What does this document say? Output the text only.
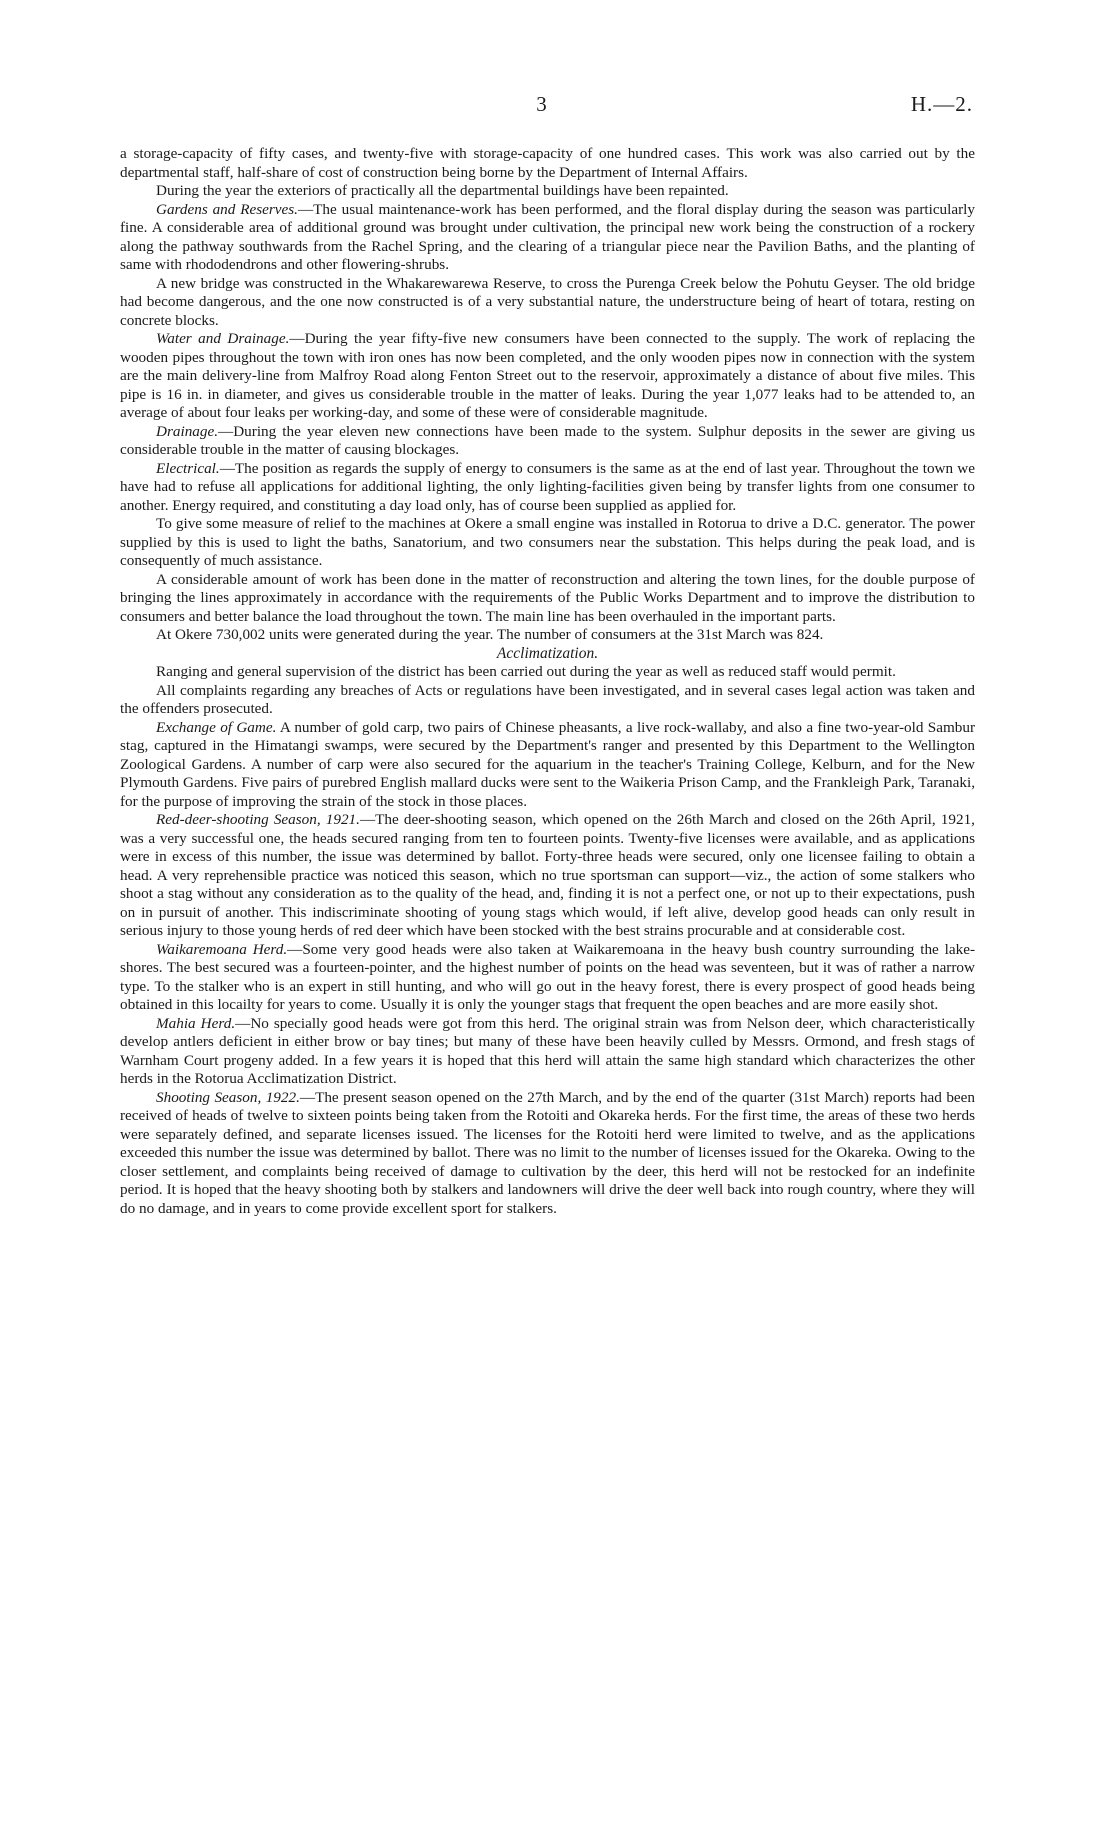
3	H.—2.

a storage-capacity of fifty cases, and twenty-five with storage-capacity of one hundred cases. This work was also carried out by the departmental staff, half-share of cost of construction being borne by the Department of Internal Affairs.

During the year the exteriors of practically all the departmental buildings have been repainted.

Gardens and Reserves.—The usual maintenance-work has been performed, and the floral display during the season was particularly fine. A considerable area of additional ground was brought under cultivation, the principal new work being the construction of a rockery along the pathway southwards from the Rachel Spring, and the clearing of a triangular piece near the Pavilion Baths, and the planting of same with rhododendrons and other flowering-shrubs.

A new bridge was constructed in the Whakarewarewa Reserve, to cross the Purenga Creek below the Pohutu Geyser. The old bridge had become dangerous, and the one now constructed is of a very substantial nature, the understructure being of heart of totara, resting on concrete blocks.

Water and Drainage.—During the year fifty-five new consumers have been connected to the supply. The work of replacing the wooden pipes throughout the town with iron ones has now been completed, and the only wooden pipes now in connection with the system are the main delivery-line from Malfroy Road along Fenton Street out to the reservoir, approximately a distance of about five miles. This pipe is 16 in. in diameter, and gives us considerable trouble in the matter of leaks. During the year 1,077 leaks had to be attended to, an average of about four leaks per working-day, and some of these were of considerable magnitude.

Drainage.—During the year eleven new connections have been made to the system. Sulphur deposits in the sewer are giving us considerable trouble in the matter of causing blockages.

Electrical.—The position as regards the supply of energy to consumers is the same as at the end of last year. Throughout the town we have had to refuse all applications for additional lighting, the only lighting-facilities given being by transfer lights from one consumer to another. Energy required, and constituting a day load only, has of course been supplied as applied for.

To give some measure of relief to the machines at Okere a small engine was installed in Rotorua to drive a D.C. generator. The power supplied by this is used to light the baths, Sanatorium, and two consumers near the substation. This helps during the peak load, and is consequently of much assistance.

A considerable amount of work has been done in the matter of reconstruction and altering the town lines, for the double purpose of bringing the lines approximately in accordance with the requirements of the Public Works Department and to improve the distribution to consumers and better balance the load throughout the town. The main line has been overhauled in the important parts.

At Okere 730,002 units were generated during the year. The number of consumers at the 31st March was 824.

Acclimatization.

Ranging and general supervision of the district has been carried out during the year as well as reduced staff would permit.

All complaints regarding any breaches of Acts or regulations have been investigated, and in several cases legal action was taken and the offenders prosecuted.

Exchange of Game. A number of gold carp, two pairs of Chinese pheasants, a live rock-wallaby, and also a fine two-year-old Sambur stag, captured in the Himatangi swamps, were secured by the Department's ranger and presented by this Department to the Wellington Zoological Gardens. A number of carp were also secured for the aquarium in the teacher's Training College, Kelburn, and for the New Plymouth Gardens. Five pairs of purebred English mallard ducks were sent to the Waikeria Prison Camp, and the Frankleigh Park, Taranaki, for the purpose of improving the strain of the stock in those places.

Red-deer-shooting Season, 1921.—The deer-shooting season, which opened on the 26th March and closed on the 26th April, 1921, was a very successful one, the heads secured ranging from ten to fourteen points. Twenty-five licenses were available, and as applications were in excess of this number, the issue was determined by ballot. Forty-three heads were secured, only one licensee failing to obtain a head. A very reprehensible practice was noticed this season, which no true sportsman can support—viz., the action of some stalkers who shoot a stag without any consideration as to the quality of the head, and, finding it is not a perfect one, or not up to their expectations, push on in pursuit of another. This indiscriminate shooting of young stags which would, if left alive, develop good heads can only result in serious injury to those young herds of red deer which have been stocked with the best strains procurable and at considerable cost.

Waikaremoana Herd.—Some very good heads were also taken at Waikaremoana in the heavy bush country surrounding the lake-shores. The best secured was a fourteen-pointer, and the highest number of points on the head was seventeen, but it was of rather a narrow type. To the stalker who is an expert in still hunting, and who will go out in the heavy forest, there is every prospect of good heads being obtained in this locailty for years to come. Usually it is only the younger stags that frequent the open beaches and are more easily shot.

Mahia Herd.—No specially good heads were got from this herd. The original strain was from Nelson deer, which characteristically develop antlers deficient in either brow or bay tines; but many of these have been heavily culled by Messrs. Ormond, and fresh stags of Warnham Court progeny added. In a few years it is hoped that this herd will attain the same high standard which characterizes the other herds in the Rotorua Acclimatization District.

Shooting Season, 1922.—The present season opened on the 27th March, and by the end of the quarter (31st March) reports had been received of heads of twelve to sixteen points being taken from the Rotoiti and Okareka herds. For the first time, the areas of these two herds were separately defined, and separate licenses issued. The licenses for the Rotoiti herd were limited to twelve, and as the applications exceeded this number the issue was determined by ballot. There was no limit to the number of licenses issued for the Okareka. Owing to the closer settlement, and complaints being received of damage to cultivation by the deer, this herd will not be restocked for an indefinite period. It is hoped that the heavy shooting both by stalkers and landowners will drive the deer well back into rough country, where they will do no damage, and in years to come provide excellent sport for stalkers.
